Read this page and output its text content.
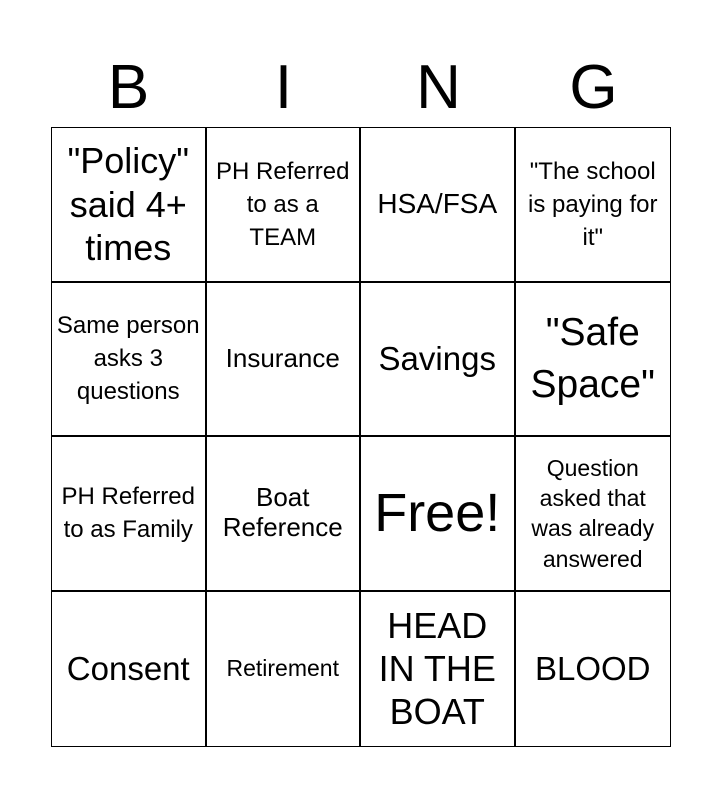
B	I	N	G
"Policy" said 4+ times
PH Referred to as a TEAM
HSA/FSA
"The school is paying for it"
Same person asks 3 questions
Insurance Savings
"Safe Space"
PH Referred to as Family
Boat Reference Free!
Question asked that was already answered
Consent Retirement
HEAD IN THE BOAT
BLOOD
